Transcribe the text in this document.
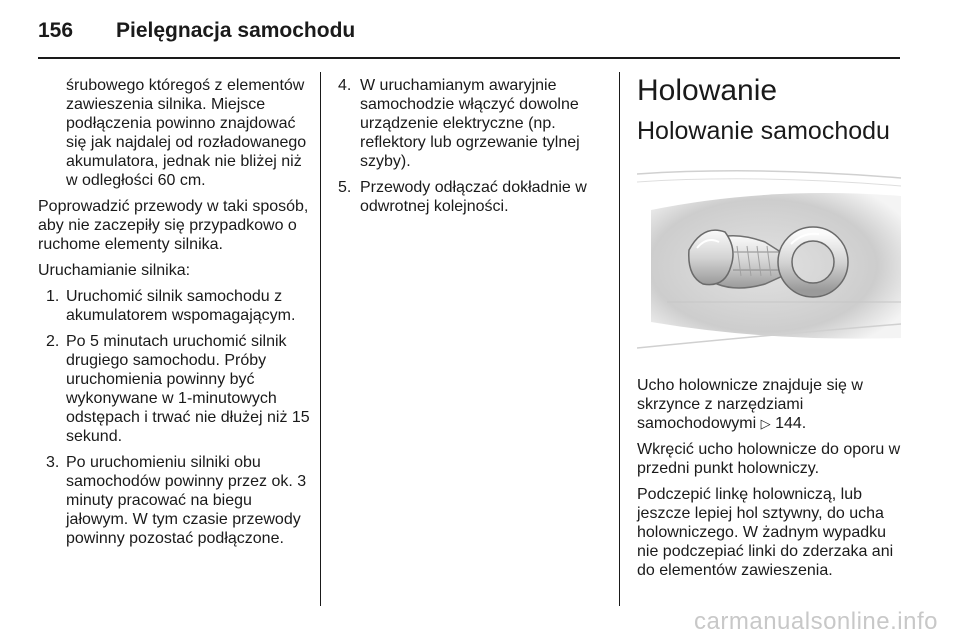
156	Pielęgnacja samochodu

śrubowego któregoś z elementów zawieszenia silnika. Miejsce podłączenia powinno znajdować się jak najdalej od rozładowanego akumulatora, jednak nie bliżej niż w odległości 60 cm.

Poprowadzić przewody w taki sposób, aby nie zaczepiły się przypadkowo o ruchome elementy silnika.

Uruchamianie silnika:

1. Uruchomić silnik samochodu z akumulatorem wspomagającym.
2. Po 5 minutach uruchomić silnik drugiego samochodu. Próby uruchomienia powinny być wykonywane w 1-minutowych odstępach i trwać nie dłużej niż 15 sekund.
3. Po uruchomieniu silniki obu samochodów powinny przez ok. 3 minuty pracować na biegu jałowym. W tym czasie przewody powinny pozostać podłączone.
4. W uruchamianym awaryjnie samochodzie włączyć dowolne urządzenie elektryczne (np. reflektory lub ogrzewanie tylnej szyby).
5. Przewody odłączać dokładnie w odwrotnej kolejności.
Holowanie
Holowanie samochodu

Ucho holownicze znajduje się w skrzynce z narzędziami samochodowymi ▷ 144.

Wkręcić ucho holownicze do oporu w przedni punkt holowniczy.

Podczepić linkę holowniczą, lub jeszcze lepiej hol sztywny, do ucha holowniczego. W żadnym wypadku nie podczepiać linki do zderzaka ani do elementów zawieszenia.

carmanualsonline.info
